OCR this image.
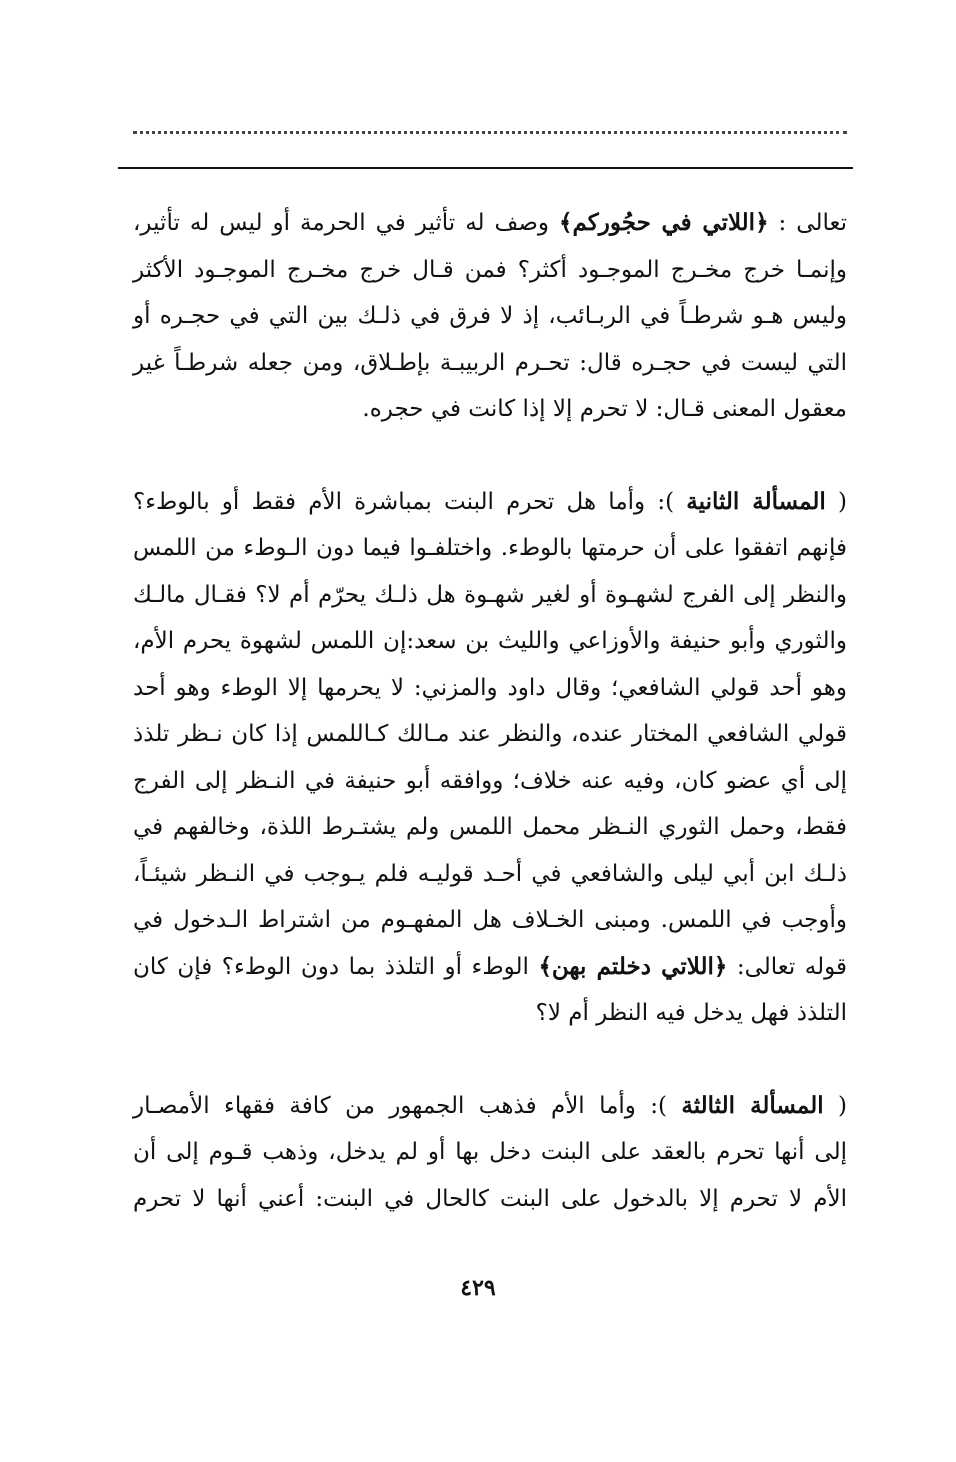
تعالى : ﴿اللاتي في حجُوركم﴾ وصف له تأثير في الحرمة أو ليس له تأثير،
وإنمـا خرج مخـرج الموجـود أكثر؟ فمن قـال خرج مخـرج الموجـود الأكثر
وليس هـو شرطـاً في الربـائب، إذ لا فرق في ذلـك بين التي في حجـره أو
التي ليست في حجـره قال: تحـرم الربيبـة بإطـلاق، ومن جعله شرطـاً غير
معقول المعنى قـال: لا تحرم إلا إذا كانت في حجره.

( المسألة الثانية ): وأما هل تحرم البنت بمباشرة الأم فقط أو بالوطء؟
فإنهم اتفقوا على أن حرمتها بالوطء. واختلفـوا فيما دون الـوطء من اللمس
والنظر إلى الفرج لشهـوة أو لغير شهـوة هل ذلـك يحرّم أم لا؟ فقـال مالـك
والثوري وأبو حنيفة والأوزاعي والليث بن سعد:إن اللمس لشهوة يحرم الأم،
وهو أحد قولي الشافعي؛ وقال داود والمزني: لا يحرمها إلا الوطء وهو أحد
قولي الشافعي المختار عنده، والنظر عند مـالك كـاللمس إذا كان نـظر تلذذ
إلى أي عضو كان، وفيه عنه خلاف؛ ووافقه أبو حنيفة في النـظر إلى الفرج
فقط، وحمل الثوري النـظر محمل اللمس ولم يشتـرط اللذة، وخالفهم في
ذلـك ابن أبي ليلى والشافعي في أحـد قوليـه فلم يـوجب في النـظر شيئـاً،
وأوجب في اللمس. ومبنى الخـلاف هل المفهـوم من اشتراط الـدخول في
قوله تعالى: ﴿اللاتي دخلتم بهن﴾ الوطء أو التلذذ بما دون الوطء؟ فإن كان
التلذذ فهل يدخل فيه النظر أم لا؟

( المسألة الثالثة ): وأما الأم فذهب الجمهور من كافة فقهاء الأمصـار
إلى أنها تحرم بالعقد على البنت دخل بها أو لم يدخل، وذهب قـوم إلى أن
الأم لا تحرم إلا بالدخول على البنت كالحال في البنت: أعني أنها لا تحرم

٤٢٩
